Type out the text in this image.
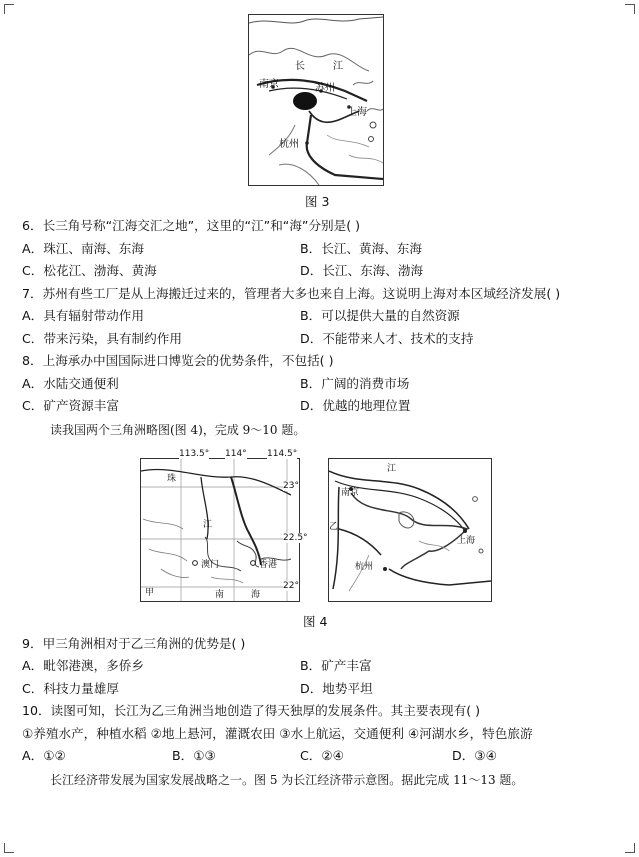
南京
长	江
苏州
上海
杭州
图 3
6．长三角号称“江海交汇之地”，这里的“江”和“海”分别是( )
A．珠江、南海、东海	B．长江、黄海、东海
C．松花江、渤海、黄海	D．长江、东海、渤海
7．苏州有些工厂是从上海搬迁过来的，管理者大多也来自上海。这说明上海对本区域经济发展( )
A．具有辐射带动作用	B．可以提供大量的自然资源
C．带来污染，具有制约作用	D．不能带来人才、技术的支持
8．上海承办中国国际进口博览会的优势条件，不包括( )
A．水陆交通便利	B．广阔的消费市场
C．矿产资源丰富	D．优越的地理位置
读我国两个三角洲略图(图 4)，完成 9～10 题。
113.5° 114° 114.5°
23°
22.5°
22°
珠
江
澳门	香港
甲	南	海
江
南京
上海
杭州
乙
图 4
9．甲三角洲相对于乙三角洲的优势是( )
A．毗邻港澳，多侨乡	B．矿产丰富
C．科技力量雄厚	D．地势平坦
10．读图可知，长江为乙三角洲当地创造了得天独厚的发展条件。其主要表现有( )
①养殖水产，种植水稻 ②地上悬河，灌溉农田 ③水上航运，交通便利 ④河湖水乡，特色旅游
A．①②	B．①③	C．②④	D．③④
长江经济带发展为国家发展战略之一。图 5 为长江经济带示意图。据此完成 11～13 题。
